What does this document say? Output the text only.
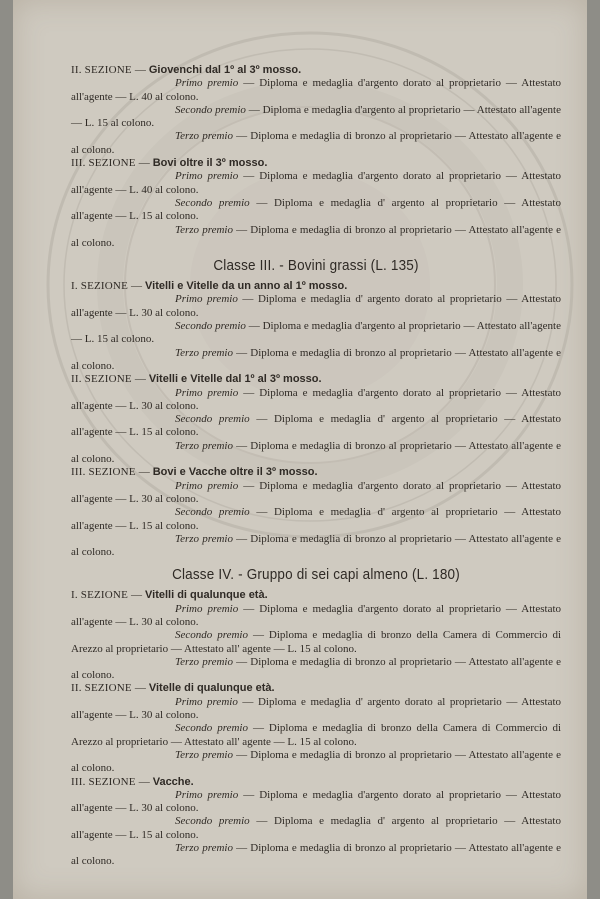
II. SEZIONE — Giovenchi dal 1º al 3º mosso.
Primo premio — Diploma e medaglia d'argento dorato al proprietario — Attestato all'agente — L. 40 al colono.
Secondo premio — Diploma e medaglia d'argento al proprietario — Attestato all'agente — L. 15 al colono.
Terzo premio — Diploma e medaglia di bronzo al proprietario — Attestato all'agente e al colono.
III. SEZIONE — Bovi oltre il 3º mosso.
Primo premio — Diploma e medaglia d'argento dorato al proprietario — Attestato all'agente — L. 40 al colono.
Secondo premio — Diploma e medaglia d' argento al proprietario — Attestato all'agente — L. 15 al colono.
Terzo premio — Diploma e medaglia di bronzo al proprietario — Attestato all'agente e al colono.
Classe III. - Bovini grassi (L. 135)
I. SEZIONE — Vitelli e Vitelle da un anno al 1º mosso.
Primo premio — Diploma e medaglia d' argento dorato al proprietario — Attestato all'agente — L. 30 al colono.
Secondo premio — Diploma e medaglia d'argento al proprietario — Attestato all'agente — L. 15 al colono.
Terzo premio — Diploma e medaglia di bronzo al proprietario — Attestato all'agente e al colono.
II. SEZIONE — Vitelli e Vitelle dal 1º al 3º mosso.
Primo premio — Diploma e medaglia d'argento dorato al proprietario — Attestato all'agente — L. 30 al colono.
Secondo premio — Diploma e medaglia d' argento al proprietario — Attestato all'agente — L. 15 al colono.
Terzo premio — Diploma e medaglia di bronzo al proprietario — Attestato all'agente e al colono.
III. SEZIONE — Bovi e Vacche oltre il 3º mosso.
Primo premio — Diploma e medaglia d'argento dorato al proprietario — Attestato all'agente — L. 30 al colono.
Secondo premio — Diploma e medaglia d' argento al proprietario — Attestato all'agente — L. 15 al colono.
Terzo premio — Diploma e medaglia di bronzo al proprietario — Attestato all'agente e al colono.
Classe IV. - Gruppo di sei capi almeno (L. 180)
I. SEZIONE — Vitelli di qualunque età.
Primo premio — Diploma e medaglia d'argento dorato al proprietario — Attestato all'agente — L. 30 al colono.
Secondo premio — Diploma e medaglia di bronzo della Camera di Commercio di Arezzo al proprietario — Attestato all' agente — L. 15 al colono.
Terzo premio — Diploma e medaglia di bronzo al proprietario — Attestato all'agente e al colono.
II. SEZIONE — Vitelle di qualunque età.
Primo premio — Diploma e medaglia d' argento dorato al proprietario — Attestato all'agente — L. 30 al colono.
Secondo premio — Diploma e medaglia di bronzo della Camera di Commercio di Arezzo al proprietario — Attestato all' agente — L. 15 al colono.
Terzo premio — Diploma e medaglia di bronzo al proprietario — Attestato all'agente e al colono.
III. SEZIONE — Vacche.
Primo premio — Diploma e medaglia d'argento dorato al proprietario — Attestato all'agente — L. 30 al colono.
Secondo premio — Diploma e medaglia d' argento al proprietario — Attestato all'agente — L. 15 al colono.
Terzo premio — Diploma e medaglia di bronzo al proprietario — Attestato all'agente e al colono.
